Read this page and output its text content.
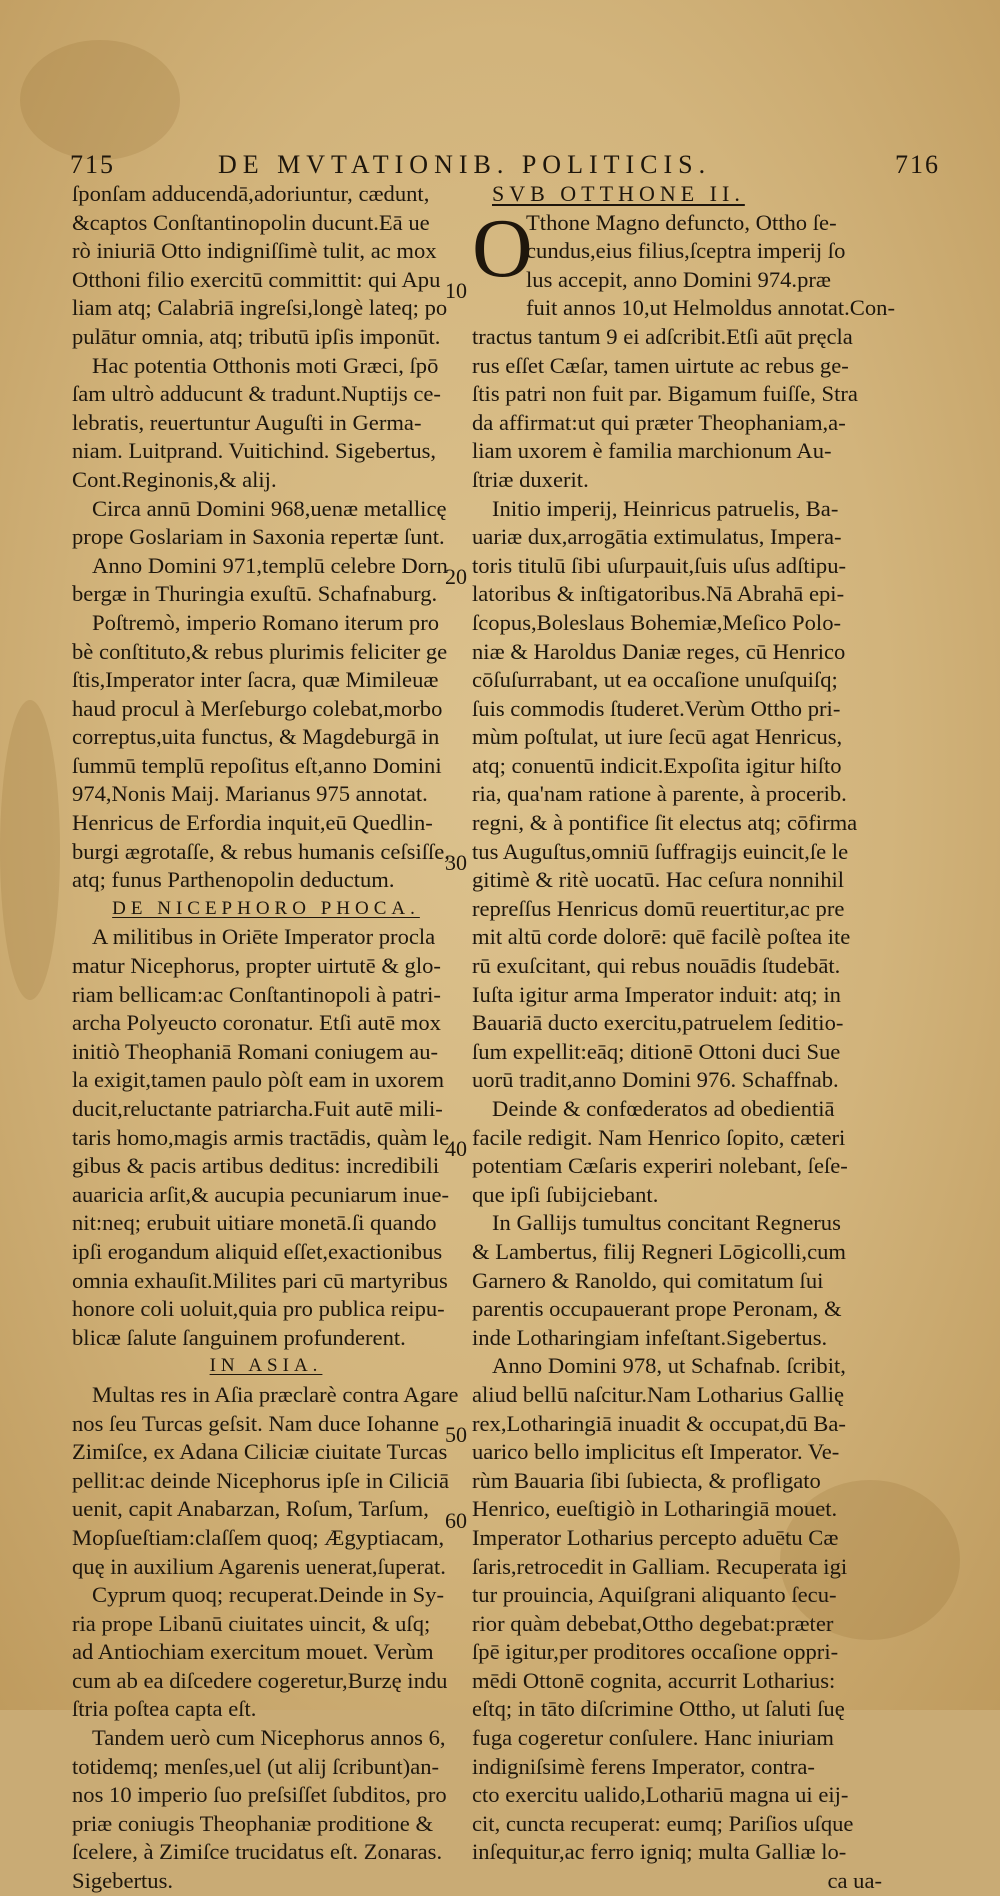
715	DE MVTATIONIB. POLITICIS.	716
ſponſam adducendā,adoriuntur, cædunt,
&captos Conſtantinopolin ducunt.Eā ue
rò iniuriā Otto indigniſſimè tulit, ac mox
Otthoni filio exercitū committit: qui Apu
liam atq; Calabriā ingreſsi,longè lateq; po
pulātur omnia, atq; tributū ipſis imponūt.
Hac potentia Otthonis moti Græci, ſpō
ſam ultrò adducunt & tradunt.Nuptijs ce-
lebratis, reuertuntur Auguſti in Germa-
niam. Luitprand. Vuitichind. Sigebertus,
Cont.Reginonis,& alij.
Circa annū Domini 968,uenæ metallicę
prope Goslariam in Saxonia repertæ ſunt.
Anno Domini 971,templū celebre Dorn
bergæ in Thuringia exuſtū. Schafnaburg.
Poſtremò, imperio Romano iterum pro
bè conſtituto,& rebus plurimis feliciter ge
ſtis,Imperator inter ſacra, quæ Mimileuæ
haud procul à Merſeburgo colebat,morbo
correptus,uita functus, & Magdeburgā in
ſummū templū repoſitus eſt,anno Domini
974,Nonis Maij. Marianus 975 annotat.
Henricus de Erfordia inquit,eū Quedlin-
burgi ægrotaſſe, & rebus humanis ceſsiſſe,
atq; funus Parthenopolin deductum.
DE NICEPHORO PHOCA.
A militibus in Oriēte Imperator procla
matur Nicephorus, propter uirtutē & glo-
riam bellicam:ac Conſtantinopoli à patri-
archa Polyeucto coronatur. Etſi autē mox
initiò Theophaniā Romani coniugem au-
la exigit,tamen paulo pòſt eam in uxorem
ducit,reluctante patriarcha.Fuit autē mili-
taris homo,magis armis tractādis, quàm le
gibus & pacis artibus deditus: incredibili
auaricia arſit,& aucupia pecuniarum inue-
nit:neq; erubuit uitiare monetā.ſi quando
ipſi erogandum aliquid eſſet,exactionibus
omnia exhauſit.Milites pari cū martyribus
honore coli uoluit,quia pro publica reipu-
blicæ ſalute ſanguinem profunderent.
IN ASIA.
Multas res in Aſia præclarè contra Agare
nos ſeu Turcas geſsit. Nam duce Iohanne
Zimiſce, ex Adana Ciliciæ ciuitate Turcas
pellit:ac deinde Nicephorus ipſe in Ciliciā
uenit, capit Anabarzan, Roſum, Tarſum,
Mopſueſtiam:claſſem quoq; Ægyptiacam,
quę in auxilium Agarenis uenerat,ſuperat.
Cyprum quoq; recuperat.Deinde in Sy-
ria prope Libanū ciuitates uincit, & uſq;
ad Antiochiam exercitum mouet. Verùm
cum ab ea diſcedere cogeretur,Burzę indu
ſtria poſtea capta eſt.
Tandem uerò cum Nicephorus annos 6,
totidemq; menſes,uel (ut alij ſcribunt)an-
nos 10 imperio ſuo preſsiſſet ſubditos, pro
priæ coniugis Theophaniæ proditione &
ſcelere, à Zimiſce trucidatus eſt. Zonaras.
Sigebertus.
SVB OTTHONE II.
O
Tthone Magno defuncto, Ottho ſe-
cundus,eius filius,ſceptra imperij ſo
lus accepit, anno Domini 974.præ
fuit annos 10,ut Helmoldus annotat.Con-
tractus tantum 9 ei adſcribit.Etſi aūt pręcla
rus eſſet Cæſar, tamen uirtute ac rebus ge-
ſtis patri non fuit par. Bigamum fuiſſe, Stra
da affirmat:ut qui præter Theophaniam,a-
liam uxorem è familia marchionum Au-
ſtriæ duxerit.
Initio imperij, Heinricus patruelis, Ba-
uariæ dux,arrogātia extimulatus, Impera-
toris titulū ſibi uſurpauit,ſuis uſus adſtipu-
latoribus & inſtigatoribus.Nā Abrahā epi-
ſcopus,Boleslaus Bohemiæ,Meſico Polo-
niæ & Haroldus Daniæ reges, cū Henrico
cōſuſurrabant, ut ea occaſione unuſquiſq;
ſuis commodis ſtuderet.Verùm Ottho pri-
mùm poſtulat, ut iure ſecū agat Henricus,
atq; conuentū indicit.Expoſita igitur hiſto
ria, qua'nam ratione à parente, à procerib.
regni, & à pontifice ſit electus atq; cōfirma
tus Auguſtus,omniū ſuffragijs euincit,ſe le
gitimè & ritè uocatū. Hac ceſura nonnihil
repreſſus Henricus domū reuertitur,ac pre
mit altū corde dolorē: quē facilè poſtea ite
rū exuſcitant, qui rebus nouādis ſtudebāt.
Iuſta igitur arma Imperator induit: atq; in
Bauariā ducto exercitu,patruelem ſeditio-
ſum expellit:eāq; ditionē Ottoni duci Sue
uorū tradit,anno Domini 976. Schaffnab.
Deinde & confœderatos ad obedientiā
facile redigit. Nam Henrico ſopito, cæteri
potentiam Cæſaris experiri nolebant, ſeſe-
que ipſi ſubijciebant.
In Gallijs tumultus concitant Regnerus
& Lambertus, filij Regneri Lōgicolli,cum
Garnero & Ranoldo, qui comitatum ſui
parentis occupauerant prope Peronam, &
inde Lotharingiam infeſtant.Sigebertus.
Anno Domini 978, ut Schafnab. ſcribit,
aliud bellū naſcitur.Nam Lotharius Gallię
rex,Lotharingiā inuadit & occupat,dū Ba-
uarico bello implicitus eſt Imperator. Ve-
rùm Bauaria ſibi ſubiecta, & profligato
Henrico, eueſtigiò in Lotharingiā mouet.
Imperator Lotharius percepto aduētu Cæ
ſaris,retrocedit in Galliam. Recuperata igi
tur prouincia, Aquiſgrani aliquanto ſecu-
rior quàm debebat,Ottho degebat:præter
ſpē igitur,per proditores occaſione oppri-
mēdi Ottonē cognita, accurrit Lotharius:
eſtq; in tāto diſcrimine Ottho, ut ſaluti ſuę
fuga cogeretur conſulere. Hanc iniuriam
indigniſsimè ferens Imperator, contra-
cto exercitu ualido,Lothariū magna ui eij-
cit, cuncta recuperat: eumq; Pariſios uſque
inſequitur,ac ferro igniq; multa Galliæ lo-
ca ua-
10
20
30
40
50
60
